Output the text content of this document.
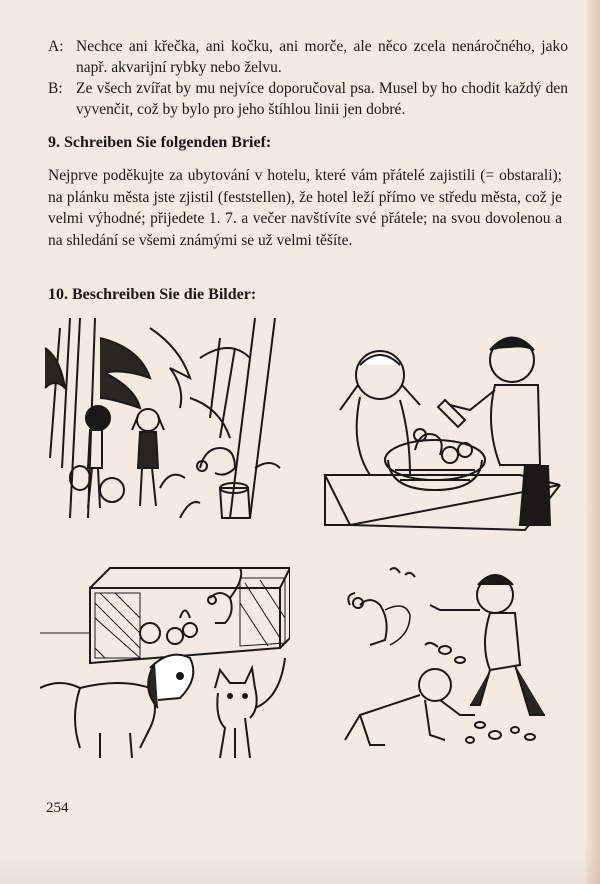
A: Nechce ani křečka, ani kočku, ani morče, ale něco zcela nenáročného, jako např. akvarijní rybky nebo želvu.
B: Ze všech zvířat by mu nejvíce doporučoval psa. Musel by ho chodit každý den vyvenčit, což by bylo pro jeho štíhlou linii jen dobré.
9. Schreiben Sie folgenden Brief:
Nejprve poděkujte za ubytování v hotelu, které vám přátelé zajistili (= obstarali); na plánku města jste zjistil (feststellen), že hotel leží přímo ve středu města, což je velmi výhodné; přijedete 1. 7. a večer navštívíte své přátele; na svou dovolenou a na shledání se všemi známými se už velmi těšíte.
10. Beschreiben Sie die Bilder:
254
